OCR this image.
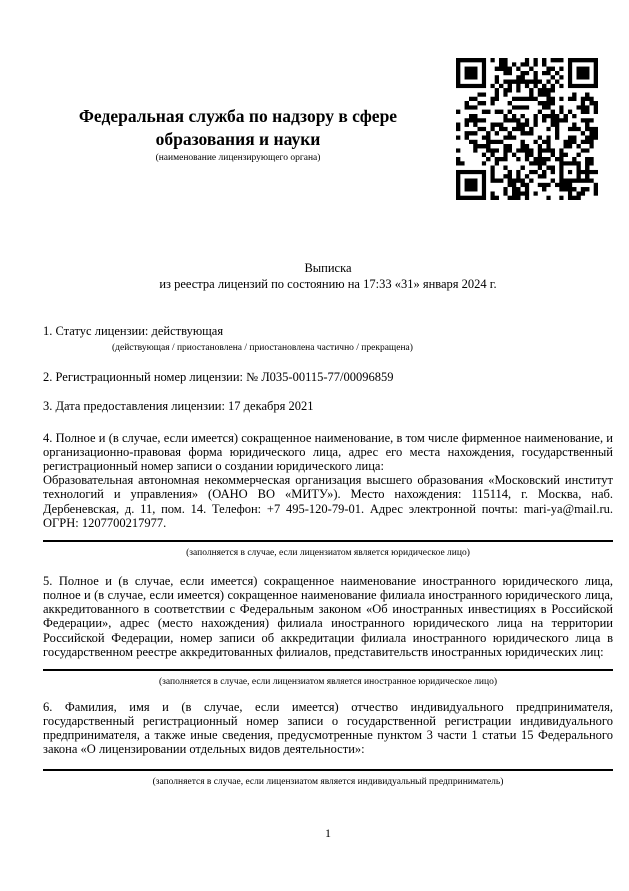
Федеральная служба по надзору в сфере
образования и науки
(наименование лицензирующего органа)
Выписка
из реестра лицензий по состоянию на 17:33 «31» января 2024 г.
1. Статус лицензии: действующая
(действующая / приостановлена / приостановлена частично / прекращена)
2. Регистрационный номер лицензии: № Л035-00115-77/00096859
3. Дата предоставления лицензии: 17 декабря 2021
4. Полное и (в случае, если имеется) сокращенное наименование, в том числе фирменное наименование, и организационно-правовая форма юридического лица, адрес его места нахождения, государственный регистрационный номер записи о создании юридического лица:
Образовательная автономная некоммерческая организация высшего образования «Московский институт технологий и управления» (ОАНО ВО «МИТУ»). Место нахождения: 115114, г. Москва, наб. Дербеневская, д. 11, пом. 14. Телефон: +7 495-120-79-01. Адрес электронной почты: mari-ya@mail.ru. ОГРН: 1207700217977.
(заполняется в случае, если лицензиатом является юридическое лицо)
5. Полное и (в случае, если имеется) сокращенное наименование иностранного юридического лица, полное и (в случае, если имеется) сокращенное наименование филиала иностранного юридического лица, аккредитованного в соответствии с Федеральным законом «Об иностранных инвестициях в Российской Федерации», адрес (место нахождения) филиала иностранного юридического лица на территории Российской Федерации, номер записи об аккредитации филиала иностранного юридического лица в государственном реестре аккредитованных филиалов, представительств иностранных юридических лиц:
(заполняется в случае, если лицензиатом является иностранное юридическое лицо)
6. Фамилия, имя и (в случае, если имеется) отчество индивидуального предпринимателя, государственный регистрационный номер записи о государственной регистрации индивидуального предпринимателя, а также иные сведения, предусмотренные пунктом 3 части 1 статьи 15 Федерального закона «О лицензировании отдельных видов деятельности»:
(заполняется в случае, если лицензиатом является индивидуальный предприниматель)
1
